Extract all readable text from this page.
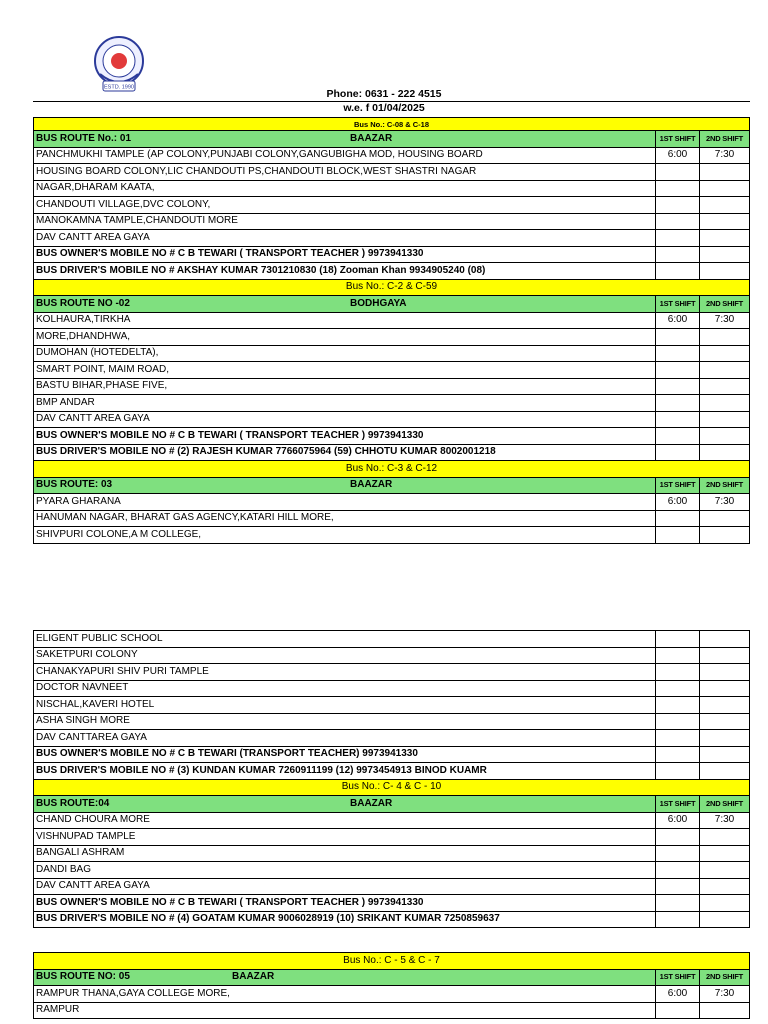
ESTD. 1990
Phone: 0631 - 222 4515
w.e. f 01/04/2025
Bus No.: C-08 & C-18		
BUS ROUTE No.: 01 BAAZAR	1ST SHIFT	2ND SHIFT
PANCHMUKHI TAMPLE (AP COLONY,PUNJABI COLONY,GANGUBIGHA MOD, HOUSING BOARD	6:00	7:30
HOUSING BOARD COLONY,LIC CHANDOUTI PS,CHANDOUTI BLOCK,WEST SHASTRI NAGAR		
NAGAR,DHARAM KAATA,		
CHANDOUTI VILLAGE,DVC COLONY,		
MANOKAMNA TAMPLE,CHANDOUTI MORE		
DAV CANTT AREA GAYA		
BUS OWNER'S MOBILE NO # C B TEWARI ( TRANSPORT TEACHER ) 9973941330		
BUS DRIVER'S MOBILE NO # AKSHAY KUMAR 7301210830 (18) Zooman Khan 9934905240 (08)		
Bus No.: C-2 & C-59		
BUS ROUTE NO -02 BODHGAYA	1ST SHIFT	2ND SHIFT
KOLHAURA,TIRKHA	6:00	7:30
MORE,DHANDHWA,		
DUMOHAN (HOTEDELTA),		
SMART POINT, MAIM ROAD,		
BASTU BIHAR,PHASE FIVE,		
BMP ANDAR		
DAV CANTT AREA GAYA		
BUS OWNER'S MOBILE NO # C B TEWARI ( TRANSPORT TEACHER ) 9973941330		
BUS DRIVER'S MOBILE NO # (2) RAJESH KUMAR 7766075964 (59) CHHOTU KUMAR 8002001218		
Bus No.: C-3 & C-12		
BUS ROUTE: 03 BAAZAR	1ST SHIFT	2ND SHIFT
PYARA GHARANA	6:00	7:30
HANUMAN NAGAR, BHARAT GAS AGENCY,KATARI HILL MORE,		
SHIVPURI COLONE,A M COLLEGE,		
ELIGENT PUBLIC SCHOOL		
SAKETPURI COLONY		
CHANAKYAPURI SHIV PURI TAMPLE		
DOCTOR NAVNEET		
NISCHAL,KAVERI HOTEL		
ASHA SINGH MORE		
DAV CANTTAREA GAYA		
BUS OWNER'S MOBILE NO # C B TEWARI (TRANSPORT TEACHER) 9973941330		
BUS DRIVER'S MOBILE NO # (3) KUNDAN KUMAR 7260911199 (12) 9973454913 BINOD KUAMR		
Bus No.: C- 4 & C - 10		
BUS ROUTE:04 BAAZAR	1ST SHIFT	2ND SHIFT
CHAND CHOURA MORE	6:00	7:30
VISHNUPAD TAMPLE		
BANGALI ASHRAM		
DANDI BAG		
DAV CANTT AREA GAYA		
BUS OWNER'S MOBILE NO # C B TEWARI ( TRANSPORT TEACHER ) 9973941330		
BUS DRIVER'S MOBILE NO # (4) GOATAM KUMAR 9006028919 (10) SRIKANT KUMAR 7250859637		
Bus No.: C - 5 & C - 7		
BUS ROUTE NO: 05 BAAZAR	1ST SHIFT	2ND SHIFT
RAMPUR THANA,GAYA COLLEGE MORE,	6:00	7:30
RAMPUR		
